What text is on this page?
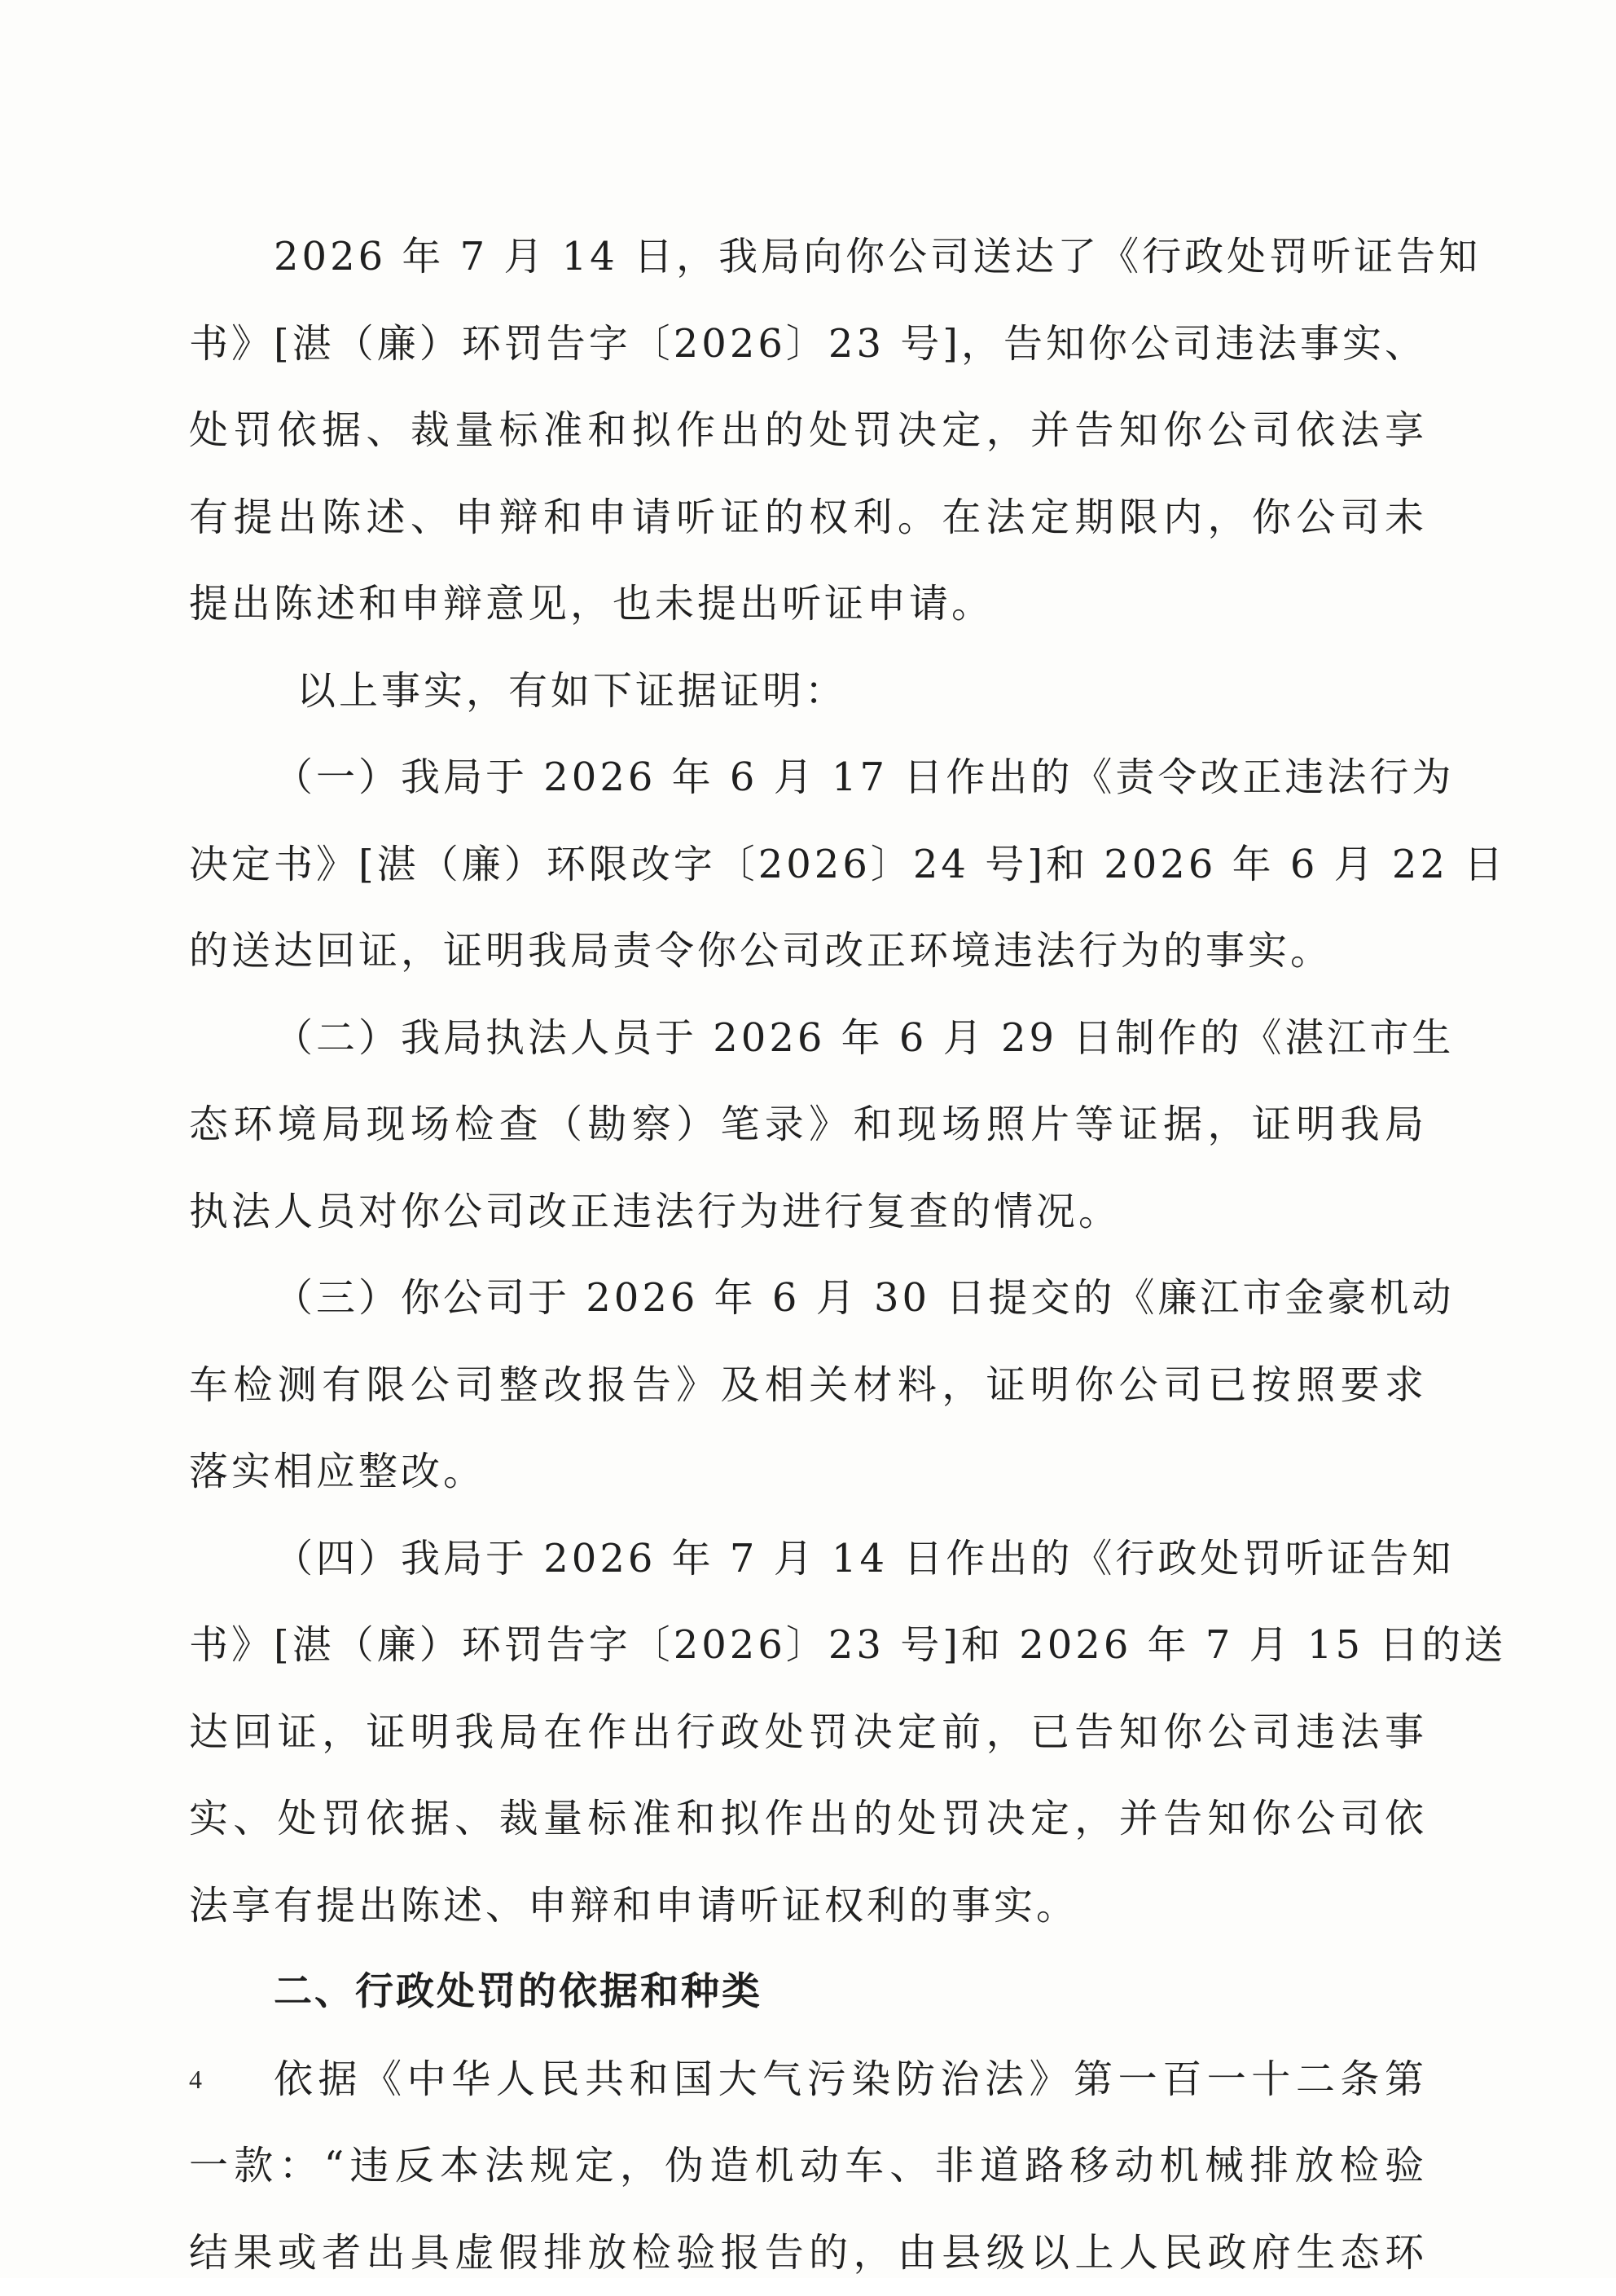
2026 年 7 月 14 日，我局向你公司送达了《行政处罚听证告知
书》[湛（廉）环罚告字〔2026〕23 号]，告知你公司违法事实、
处罚依据、裁量标准和拟作出的处罚决定，并告知你公司依法享
有提出陈述、申辩和申请听证的权利。在法定期限内，你公司未
提出陈述和申辩意见，也未提出听证申请。
以上事实，有如下证据证明：
（一）我局于 2026 年 6 月 17 日作出的《责令改正违法行为
决定书》[湛（廉）环限改字〔2026〕24 号]和 2026 年 6 月 22 日
的送达回证，证明我局责令你公司改正环境违法行为的事实。
（二）我局执法人员于 2026 年 6 月 29 日制作的《湛江市生
态环境局现场检查（勘察）笔录》和现场照片等证据，证明我局
执法人员对你公司改正违法行为进行复查的情况。
（三）你公司于 2026 年 6 月 30 日提交的《廉江市金豪机动
车检测有限公司整改报告》及相关材料，证明你公司已按照要求
落实相应整改。
（四）我局于 2026 年 7 月 14 日作出的《行政处罚听证告知
书》[湛（廉）环罚告字〔2026〕23 号]和 2026 年 7 月 15 日的送
达回证，证明我局在作出行政处罚决定前，已告知你公司违法事
实、处罚依据、裁量标准和拟作出的处罚决定，并告知你公司依
法享有提出陈述、申辩和申请听证权利的事实。
二、行政处罚的依据和种类
依据《中华人民共和国大气污染防治法》第一百一十二条第
一款：“违反本法规定，伪造机动车、非道路移动机械排放检验
结果或者出具虚假排放检验报告的，由县级以上人民政府生态环
4
